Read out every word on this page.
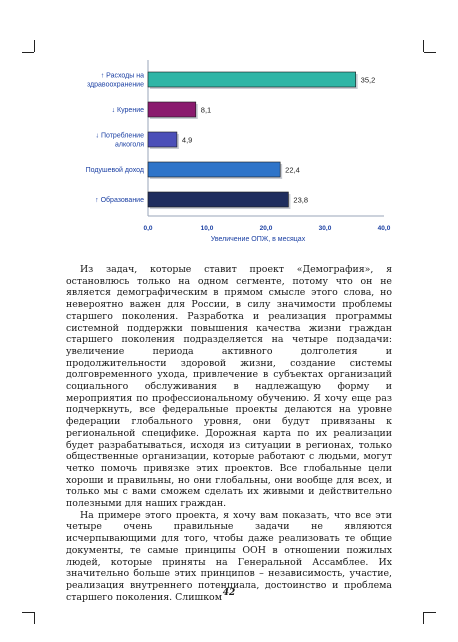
↑ Расходы на здравоохранение
35,2
↓ Курение	8,1
↓ Потребление алкоголя
4,9
Подушевой доход	22,4
↑ Образование	23,8
0,0	10,0	20,0	30,0	40,0
Увеличение ОПЖ, в месяцах

Из задач, которые ставит проект «Демография», я остановлюсь только на одном сегменте, потому что он не является демографическим в прямом смысле этого слова, но невероятно важен для России, в силу значимости проблемы старшего поколения. Разработка и реализация программы системной поддержки повышения качества жизни граждан старшего поколения подразделяется на четыре подзадачи: увеличение периода активного долголетия и продолжительности здоровой жизни, создание системы долговременного ухода, привлечение в субъектах организаций социального обслуживания в надлежащую форму и мероприятия по профессиональному обучению. Я хочу еще раз подчеркнуть, все федеральные проекты делаются на уровне федерации глобального уровня, они будут привязаны к региональной специфике. Дорожная карта по их реализации будет разрабатываться, исходя из ситуации в регионах, только общественные организации, которые работают с людьми, могут четко помочь привязке этих проектов. Все глобальные цели хороши и правильны, но они глобальны, они вообще для всех, и только мы с вами сможем сделать их живыми и действительно полезными для наших граждан.

На примере этого проекта, я хочу вам показать, что все эти четыре очень правильные задачи не являются исчерпывающими для того, чтобы даже реализовать те общие документы, те самые принципы ООН в отношении пожилых людей, которые приняты на Генеральной Ассамблее. Их значительно больше этих принципов – независимость, участие, реализация внутреннего потенциала, достоинство и проблема старшего поколения. Слишком 42
